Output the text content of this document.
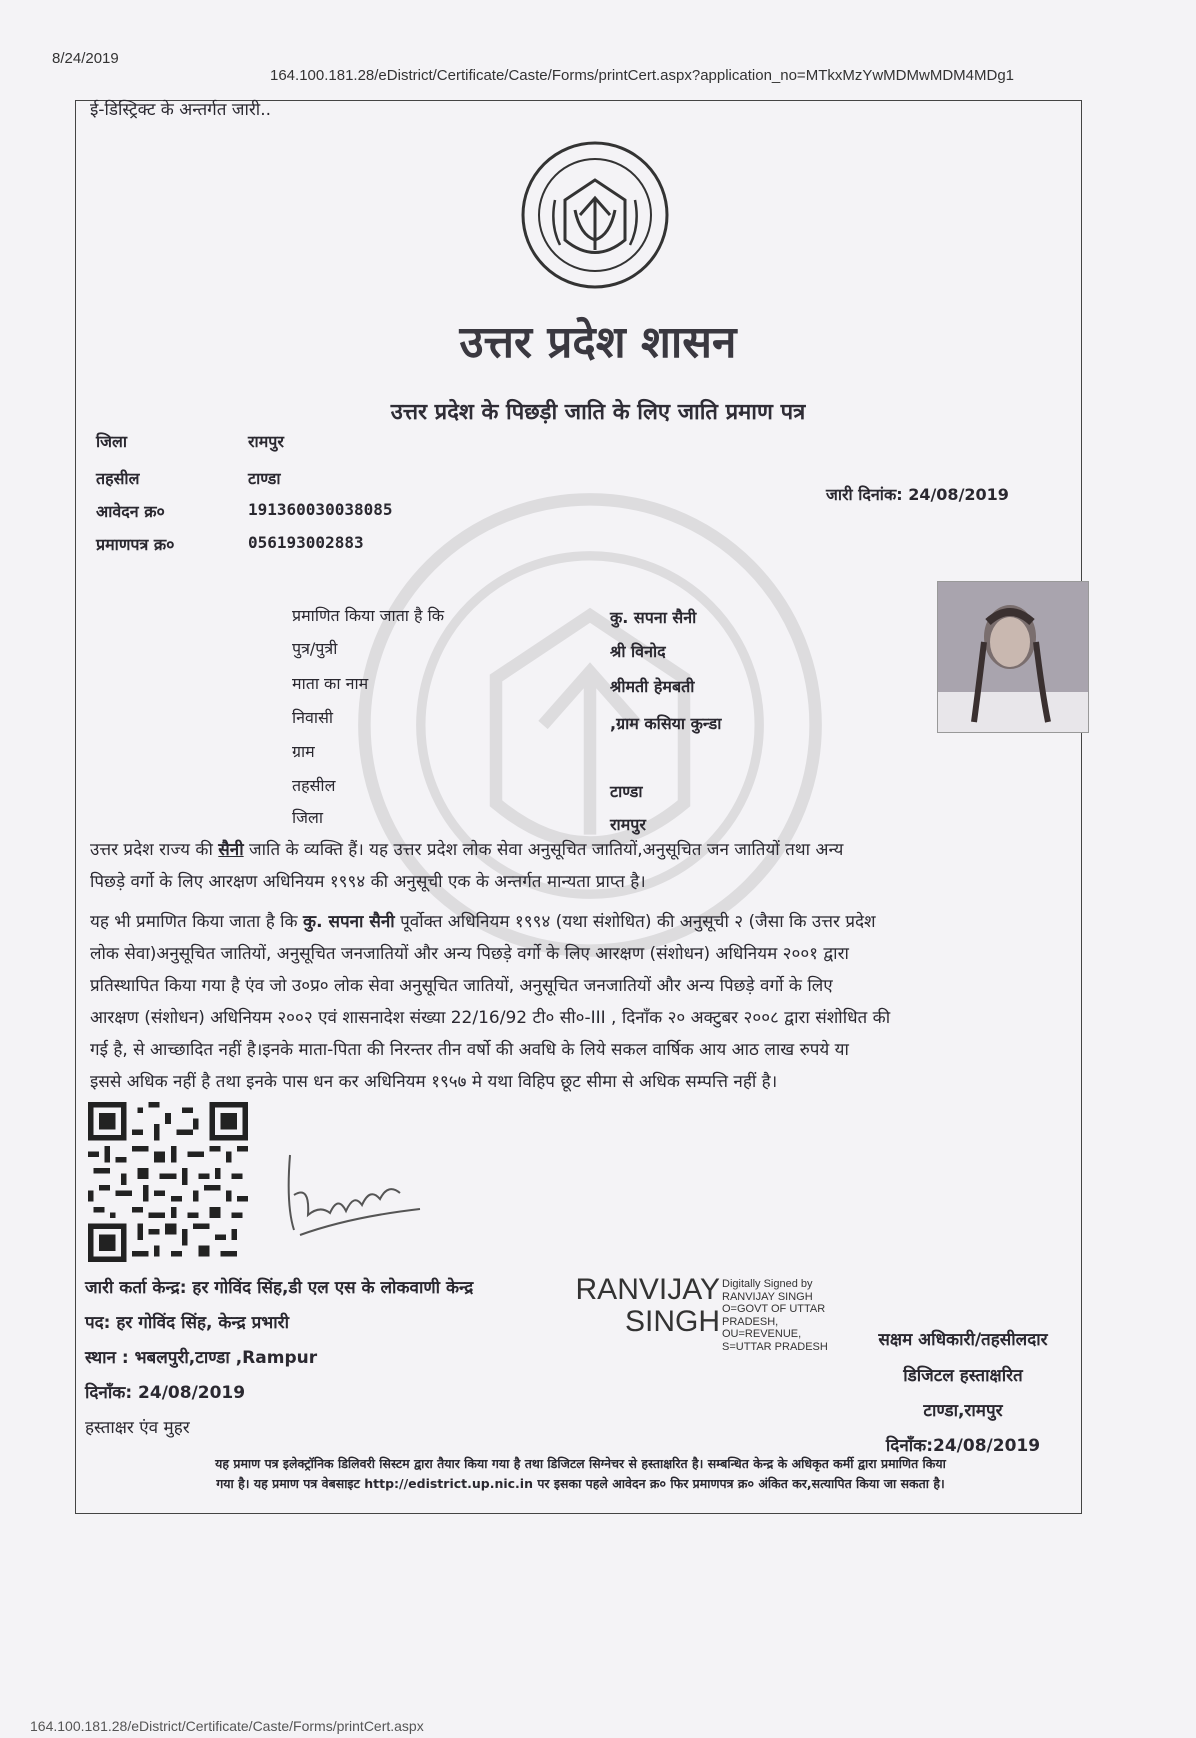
8/24/2019
164.100.181.28/eDistrict/Certificate/Caste/Forms/printCert.aspx?application_no=MTkxMzYwMDMwMDM4MDg1
ई-डिस्ट्रिक्ट के अन्तर्गत जारी..
उत्तर प्रदेश शासन
उत्तर प्रदेश के पिछड़ी जाति के लिए जाति प्रमाण पत्र
जिला	रामपुर
तहसील	टाण्डा
आवेदन क्र०	191360030038085
प्रमाणपत्र क्र०	056193002883
जारी दिनांक: 24/08/2019
प्रमाणित किया जाता है कि	कु. सपना सैनी
पुत्र/पुत्री	श्री विनोद
माता का नाम	श्रीमती हेमबती
निवासी	,ग्राम कसिया कुन्डा
ग्राम
तहसील	टाण्डा
जिला	रामपुर
उत्तर प्रदेश राज्य की सैनी जाति के व्यक्ति हैं। यह उत्तर प्रदेश लोक सेवा अनुसूचित जातियों,अनुसूचित जन जातियों तथा अन्य
पिछड़े वर्गो के लिए आरक्षण अधिनियम १९९४ की अनुसूची एक के अन्तर्गत मान्यता प्राप्त है।
यह भी प्रमाणित किया जाता है कि कु. सपना सैनी पूर्वोक्त अधिनियम १९९४ (यथा संशोधित) की अनुसूची २ (जैसा कि उत्तर प्रदेश
लोक सेवा)अनुसूचित जातियों, अनुसूचित जनजातियों और अन्य पिछड़े वर्गो के लिए आरक्षण (संशोधन) अधिनियम २००१ द्वारा
प्रतिस्थापित किया गया है एंव जो उ०प्र० लोक सेवा अनुसूचित जातियों, अनुसूचित जनजातियों और अन्य पिछड़े वर्गो के लिए
आरक्षण (संशोधन) अधिनियम २००२ एवं शासनादेश संख्या 22/16/92 टी० सी०-III , दिनाँक २० अक्टुबर २००८ द्वारा संशोधित की
गई है, से आच्छादित नहीं है।इनके माता-पिता की निरन्तर तीन वर्षो की अवधि के लिये सकल वार्षिक आय आठ लाख रुपये या
इससे अधिक नहीं है तथा इनके पास धन कर अधिनियम १९५७ मे यथा विहिप छूट सीमा से अधिक सम्पत्ति नहीं है।
जारी कर्ता केन्द्र: हर गोविंद सिंह,डी एल एस के लोकवाणी केन्द्र
पद: हर गोविंद सिंह, केन्द्र प्रभारी
स्थान : भबलपुरी,टाण्डा ,Rampur
दिनाँक: 24/08/2019
हस्ताक्षर एंव मुहर
RANVIJAY
SINGH
Digitally Signed by
RANVIJAY SINGH
O=GOVT OF UTTAR
PRADESH,
OU=REVENUE,
S=UTTAR PRADESH	सक्षम अधिकारी/तहसीलदार
डिजिटल हस्ताक्षरित
टाण्डा,रामपुर
दिनाँक:24/08/2019
यह प्रमाण पत्र इलेक्ट्रॉनिक डिलिवरी सिस्टम द्वारा तैयार किया गया है तथा डिजिटल सिग्नेचर से हस्ताक्षरित है। सम्बन्धित केन्द्र के अधिकृत कर्मी द्वारा प्रमाणित किया
गया है। यह प्रमाण पत्र वेबसाइट http://edistrict.up.nic.in पर इसका पहले आवेदन क्र० फिर प्रमाणपत्र क्र० अंकित कर,सत्यापित किया जा सकता है।
164.100.181.28/eDistrict/Certificate/Caste/Forms/printCert.aspx
